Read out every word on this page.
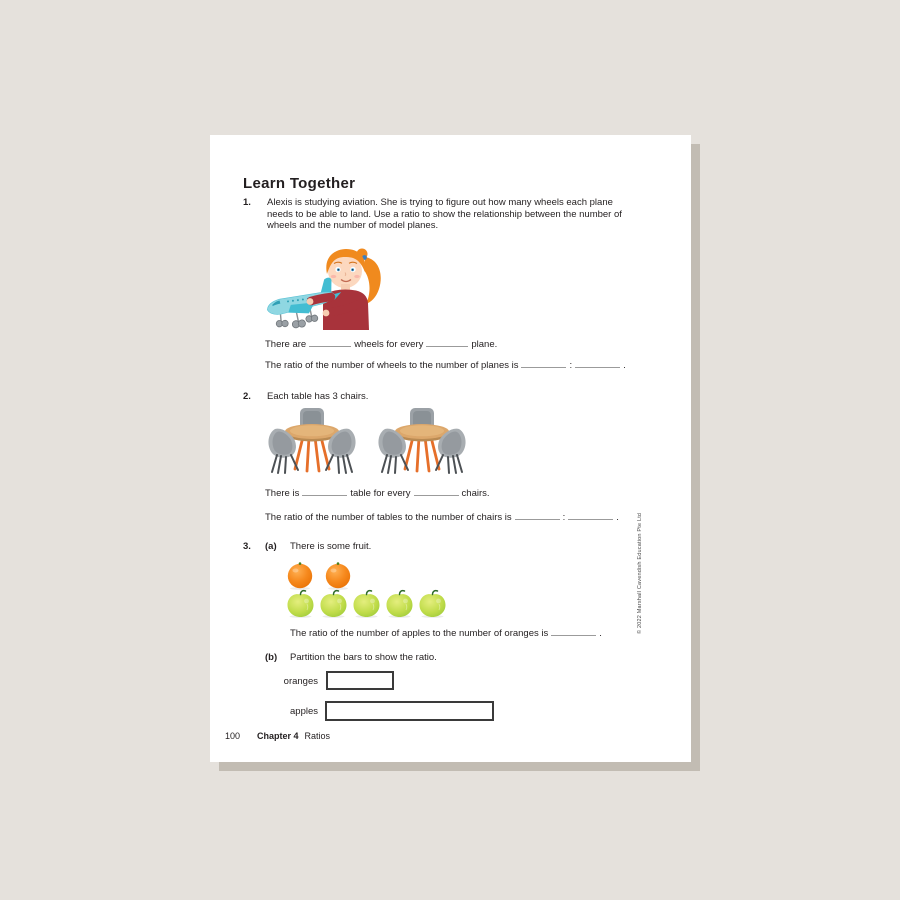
Learn Together
1.	Alexis is studying aviation. She is trying to figure out how many wheels each plane needs to be able to land. Use a ratio to show the relationship between the number of wheels and the number of model planes.
There are	wheels for every	plane.
The ratio of the number of wheels to the number of planes is	:	.
2.	Each table has 3 chairs.
There is	table for every	chairs.
The ratio of the number of tables to the number of chairs is	:	.
3.	(a)	There is some fruit.
The ratio of the number of apples to the number of oranges is	.
(b)	Partition the bars to show the ratio.
oranges
apples
100 Chapter 4 Ratios
© 2022 Marshall Cavendish Education Pte Ltd
